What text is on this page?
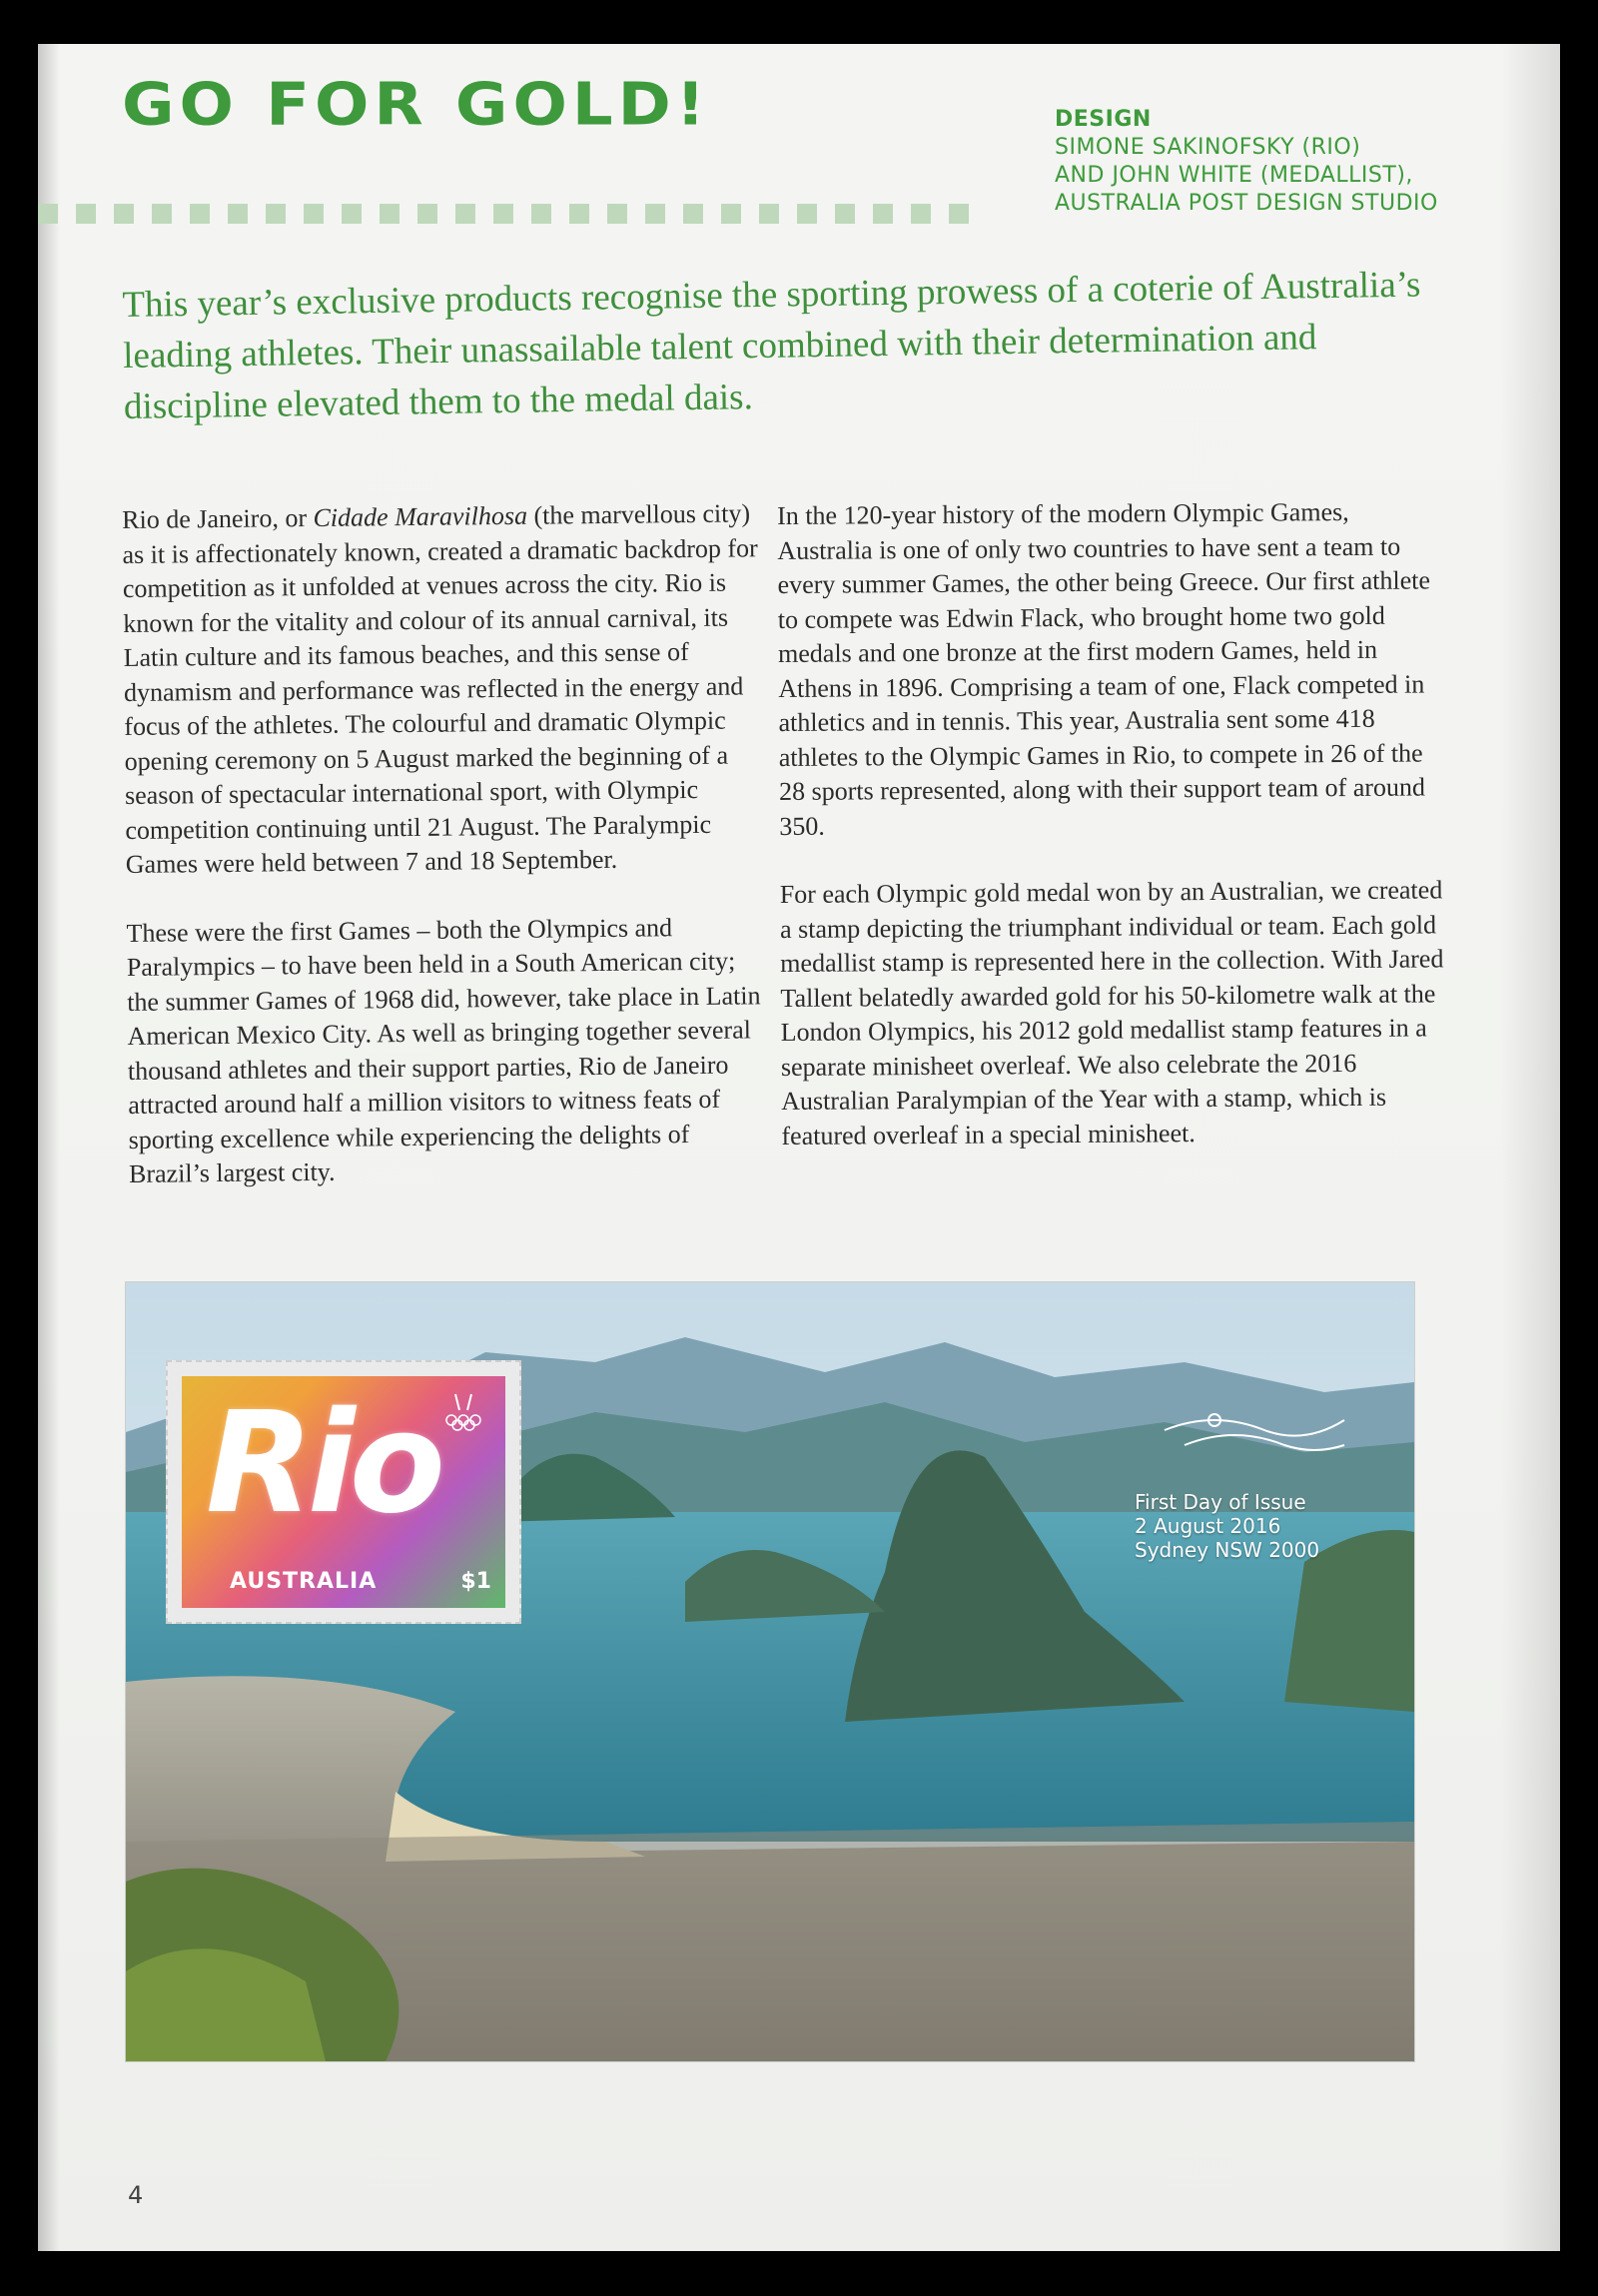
GO FOR GOLD!	DESIGN
SIMONE SAKINOFSKY (RIO)
AND JOHN WHITE (MEDALLIST),
AUSTRALIA POST DESIGN STUDIO
This year’s exclusive products recognise the sporting prowess of a coterie of Australia’s leading athletes. Their unassailable talent combined with their determination and discipline elevated them to the medal dais.

Rio de Janeiro, or Cidade Maravilhosa (the marvellous city) as it is affectionately known, created a dramatic backdrop for competition as it unfolded at venues across the city. Rio is known for the vitality and colour of its annual carnival, its Latin culture and its famous beaches, and this sense of dynamism and performance was reflected in the energy and focus of the athletes. The colourful and dramatic Olympic opening ceremony on 5 August marked the beginning of a season of spectacular international sport, with Olympic competition continuing until 21 August. The Paralympic Games were held between 7 and 18 September.

These were the first Games – both the Olympics and Paralympics – to have been held in a South American city; the summer Games of 1968 did, however, take place in Latin American Mexico City. As well as bringing together several thousand athletes and their support parties, Rio de Janeiro attracted around half a million visitors to witness feats of sporting excellence while experiencing the delights of Brazil’s largest city.

In the 120-year history of the modern Olympic Games, Australia is one of only two countries to have sent a team to every summer Games, the other being Greece. Our first athlete to compete was Edwin Flack, who brought home two gold medals and one bronze at the first modern Games, held in Athens in 1896. Comprising a team of one, Flack competed in athletics and in tennis. This year, Australia sent some 418 athletes to the Olympic Games in Rio, to compete in 26 of the 28 sports represented, along with their support team of around 350.

For each Olympic gold medal won by an Australian, we created a stamp depicting the triumphant individual or team. Each gold medallist stamp is represented here in the collection. With Jared Tallent belatedly awarded gold for his 50-kilometre walk at the London Olympics, his 2012 gold medallist stamp features in a separate minisheet overleaf. We also celebrate the 2016 Australian Paralympian of the Year with a stamp, which is featured overleaf in a special minisheet.

Rio
AUSTRALIA	$1
First Day of Issue
2 August 2016
Sydney NSW 2000
4
